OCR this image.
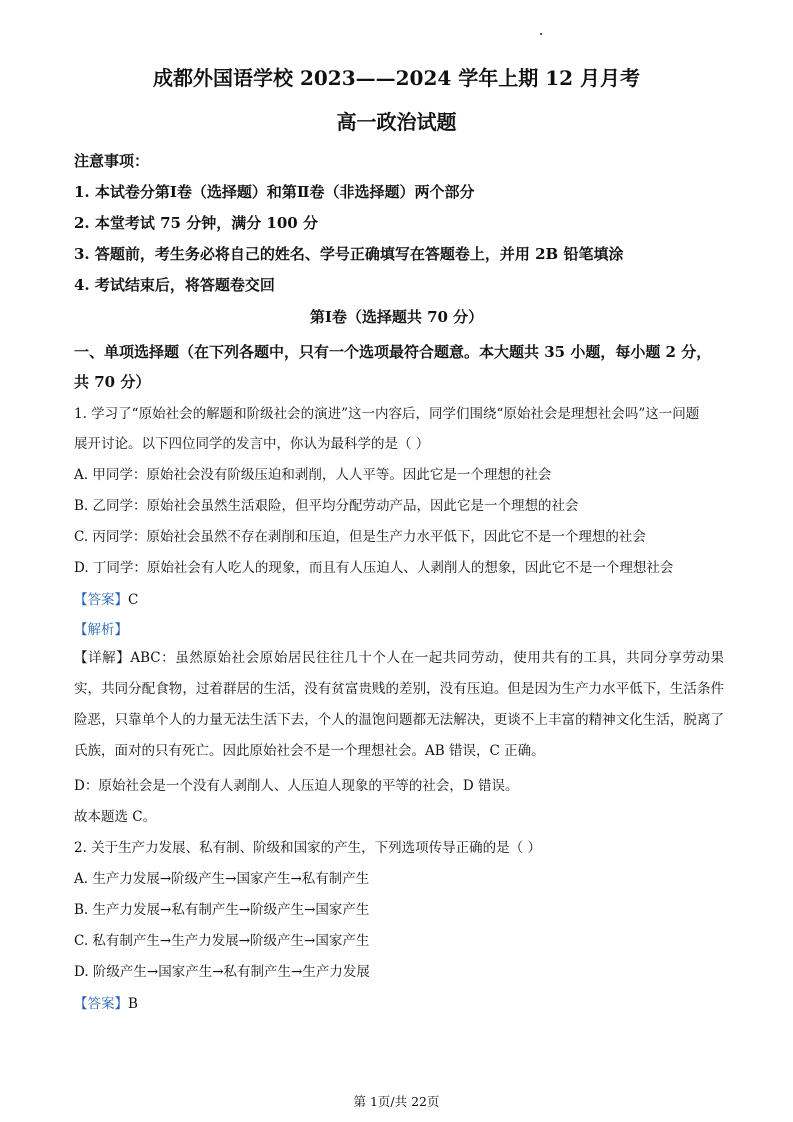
成都外国语学校 2023——2024 学年上期 12 月月考
高一政治试题
注意事项：
1. 本试卷分第Ⅰ卷（选择题）和第Ⅱ卷（非选择题）两个部分
2. 本堂考试 75 分钟，满分 100 分
3. 答题前，考生务必将自己的姓名、学号正确填写在答题卷上，并用 2B 铅笔填涂
4. 考试结束后，将答题卷交回
第Ⅰ卷（选择题共 70 分）
一、单项选择题（在下列各题中，只有一个选项最符合题意。本大题共 35 小题，每小题 2 分，共 70 分）
1. 学习了“原始社会的解题和阶级社会的演进”这一内容后，同学们围绕“原始社会是理想社会吗”这一问题
展开讨论。以下四位同学的发言中，你认为最科学的是（ ）
A. 甲同学：原始社会没有阶级压迫和剥削，人人平等。因此它是一个理想的社会
B. 乙同学：原始社会虽然生活艰险，但平均分配劳动产品，因此它是一个理想的社会
C. 丙同学：原始社会虽然不存在剥削和压迫，但是生产力水平低下，因此它不是一个理想的社会
D. 丁同学：原始社会有人吃人的现象，而且有人压迫人、人剥削人的想象，因此它不是一个理想社会
【答案】C
【解析】
【详解】ABC：虽然原始社会原始居民往往几十个人在一起共同劳动，使用共有的工具，共同分享劳动果实，共同分配食物，过着群居的生活，没有贫富贵贱的差别，没有压迫。但是因为生产力水平低下，生活条件险恶，只靠单个人的力量无法生活下去，个人的温饱问题都无法解决，更谈不上丰富的精神文化生活，脱离了氏族，面对的只有死亡。因此原始社会不是一个理想社会。AB 错误，C 正确。
D：原始社会是一个没有人剥削人、人压迫人现象的平等的社会，D 错误。
故本题选 C。
2. 关于生产力发展、私有制、阶级和国家的产生，下列选项传导正确的是（ ）
A. 生产力发展→阶级产生→国家产生→私有制产生
B. 生产力发展→私有制产生→阶级产生→国家产生
C. 私有制产生→生产力发展→阶级产生→国家产生
D. 阶级产生→国家产生→私有制产生→生产力发展
【答案】B
第 1页/共 22页
